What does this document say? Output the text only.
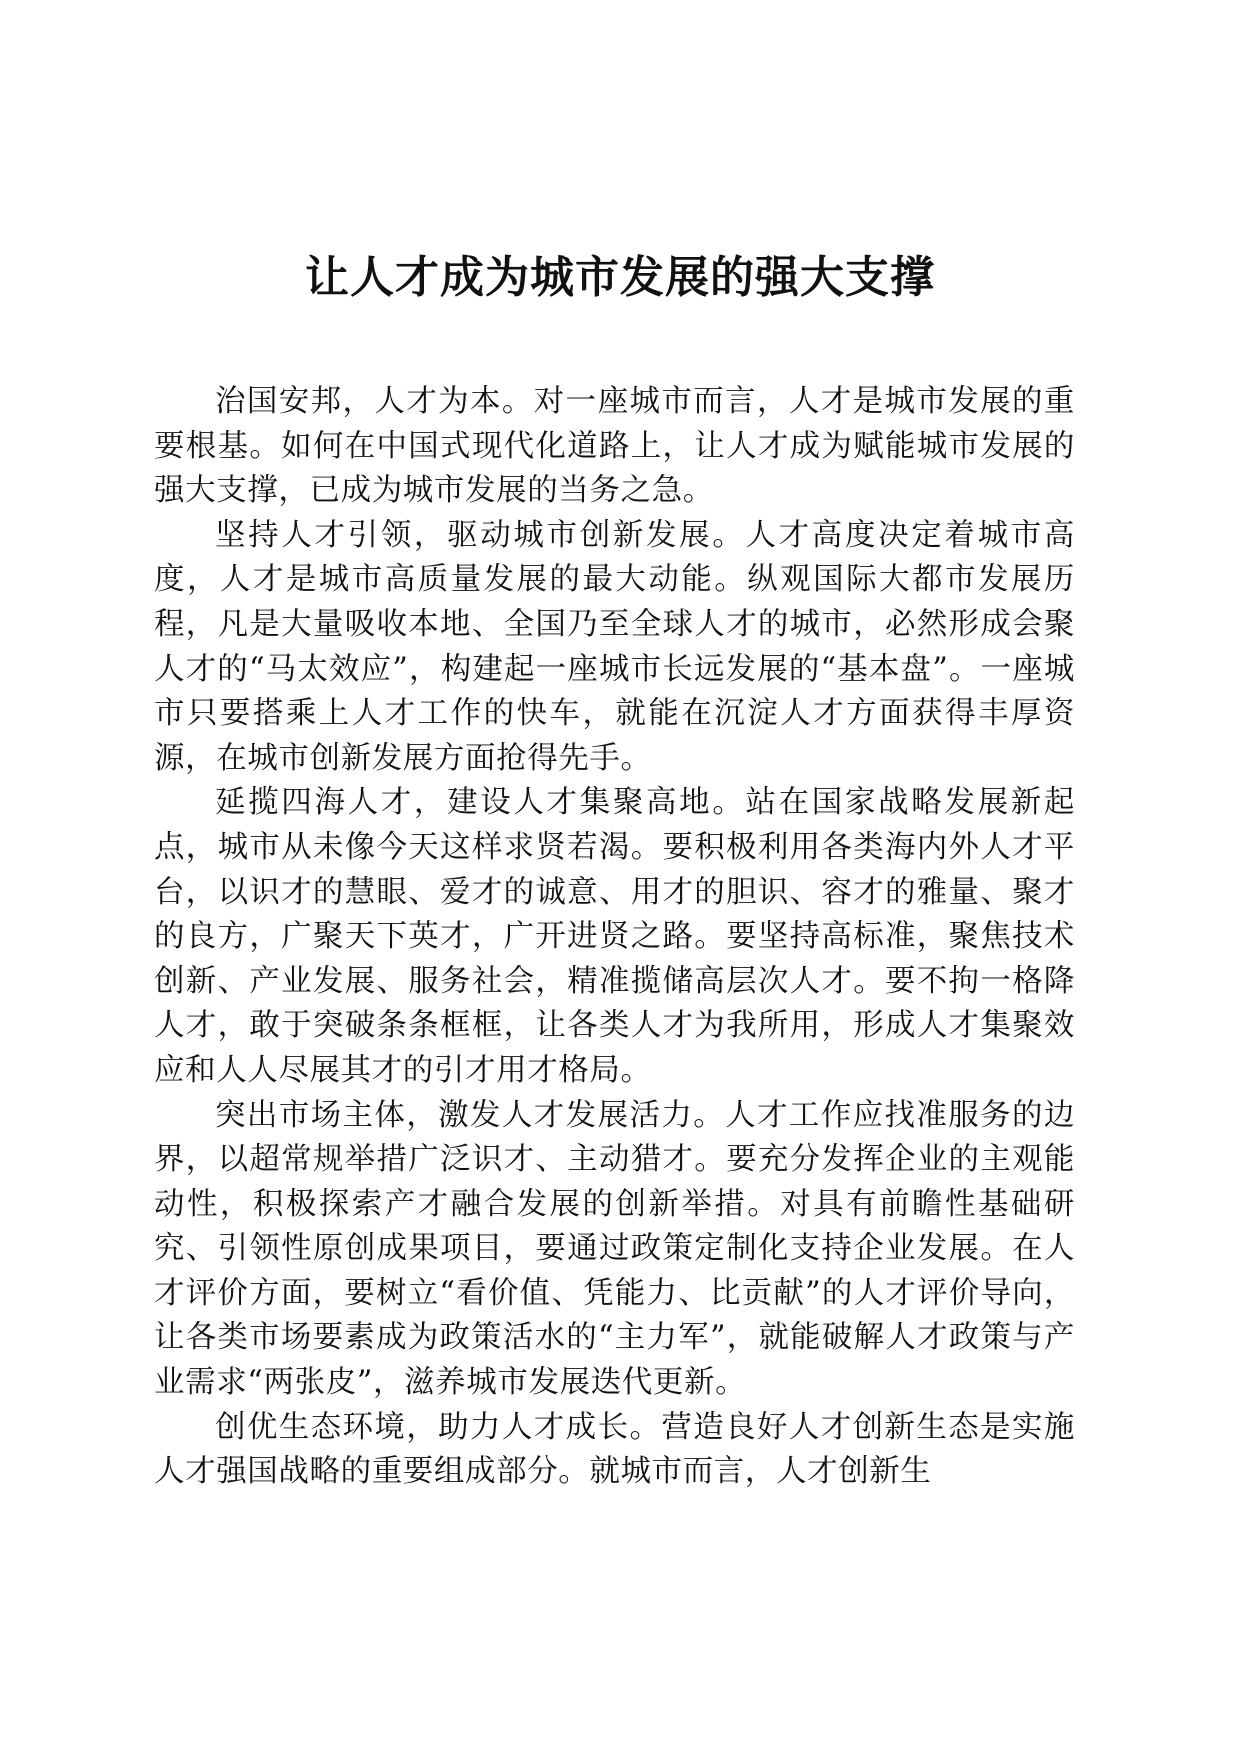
让人才成为城市发展的强大支撑

治国安邦，人才为本。对一座城市而言，人才是城市发展的重要根基。如何在中国式现代化道路上，让人才成为赋能城市发展的强大支撑，已成为城市发展的当务之急。

坚持人才引领，驱动城市创新发展。人才高度决定着城市高度，人才是城市高质量发展的最大动能。纵观国际大都市发展历程，凡是大量吸收本地、全国乃至全球人才的城市，必然形成会聚人才的“马太效应”，构建起一座城市长远发展的“基本盘”。一座城市只要搭乘上人才工作的快车，就能在沉淀人才方面获得丰厚资源，在城市创新发展方面抢得先手。

延揽四海人才，建设人才集聚高地。站在国家战略发展新起点，城市从未像今天这样求贤若渴。要积极利用各类海内外人才平台，以识才的慧眼、爱才的诚意、用才的胆识、容才的雅量、聚才的良方，广聚天下英才，广开进贤之路。要坚持高标准，聚焦技术创新、产业发展、服务社会，精准揽储高层次人才。要不拘一格降人才，敢于突破条条框框，让各类人才为我所用，形成人才集聚效应和人人尽展其才的引才用才格局。

突出市场主体，激发人才发展活力。人才工作应找准服务的边界，以超常规举措广泛识才、主动猎才。要充分发挥企业的主观能动性，积极探索产才融合发展的创新举措。对具有前瞻性基础研究、引领性原创成果项目，要通过政策定制化支持企业发展。在人才评价方面，要树立“看价值、凭能力、比贡献”的人才评价导向，让各类市场要素成为政策活水的“主力军”，就能破解人才政策与产业需求“两张皮”，滋养城市发展迭代更新。

创优生态环境，助力人才成长。营造良好人才创新生态是实施人才强国战略的重要组成部分。就城市而言，人才创新生
